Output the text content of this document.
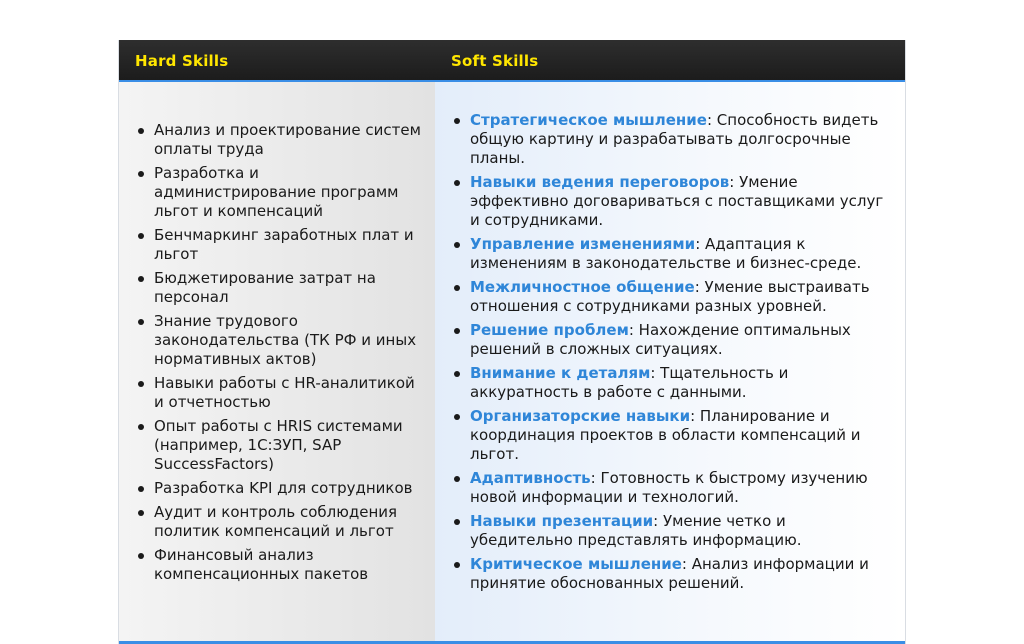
Hard Skills	Soft Skills
Анализ и проектирование систем оплаты труда
Разработка и администрирование программ льгот и компенсаций
Бенчмаркинг заработных плат и льгот
Бюджетирование затрат на персонал
Знание трудового законодательства (ТК РФ и иных нормативных актов)
Навыки работы с HR-аналитикой и отчетностью
Опыт работы с HRIS системами (например, 1С:ЗУП, SAP SuccessFactors)
Разработка KPI для сотрудников
Аудит и контроль соблюдения политик компенсаций и льгот
Финансовый анализ компенсационных пакетов
Стратегическое мышление: Способность видеть общую картину и разрабатывать долгосрочные планы.
Навыки ведения переговоров: Умение эффективно договариваться с поставщиками услуг и сотрудниками.
Управление изменениями: Адаптация к изменениям в законодательстве и бизнес-среде.
Межличностное общение: Умение выстраивать отношения с сотрудниками разных уровней.
Решение проблем: Нахождение оптимальных решений в сложных ситуациях.
Внимание к деталям: Тщательность и аккуратность в работе с данными.
Организаторские навыки: Планирование и координация проектов в области компенсаций и льгот.
Адаптивность: Готовность к быстрому изучению новой информации и технологий.
Навыки презентации: Умение четко и убедительно представлять информацию.
Критическое мышление: Анализ информации и принятие обоснованных решений.
